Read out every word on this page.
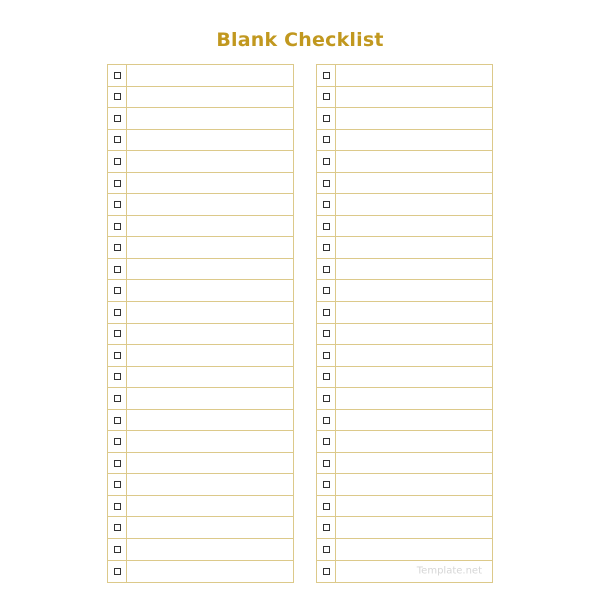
Blank Checklist
Template.net
